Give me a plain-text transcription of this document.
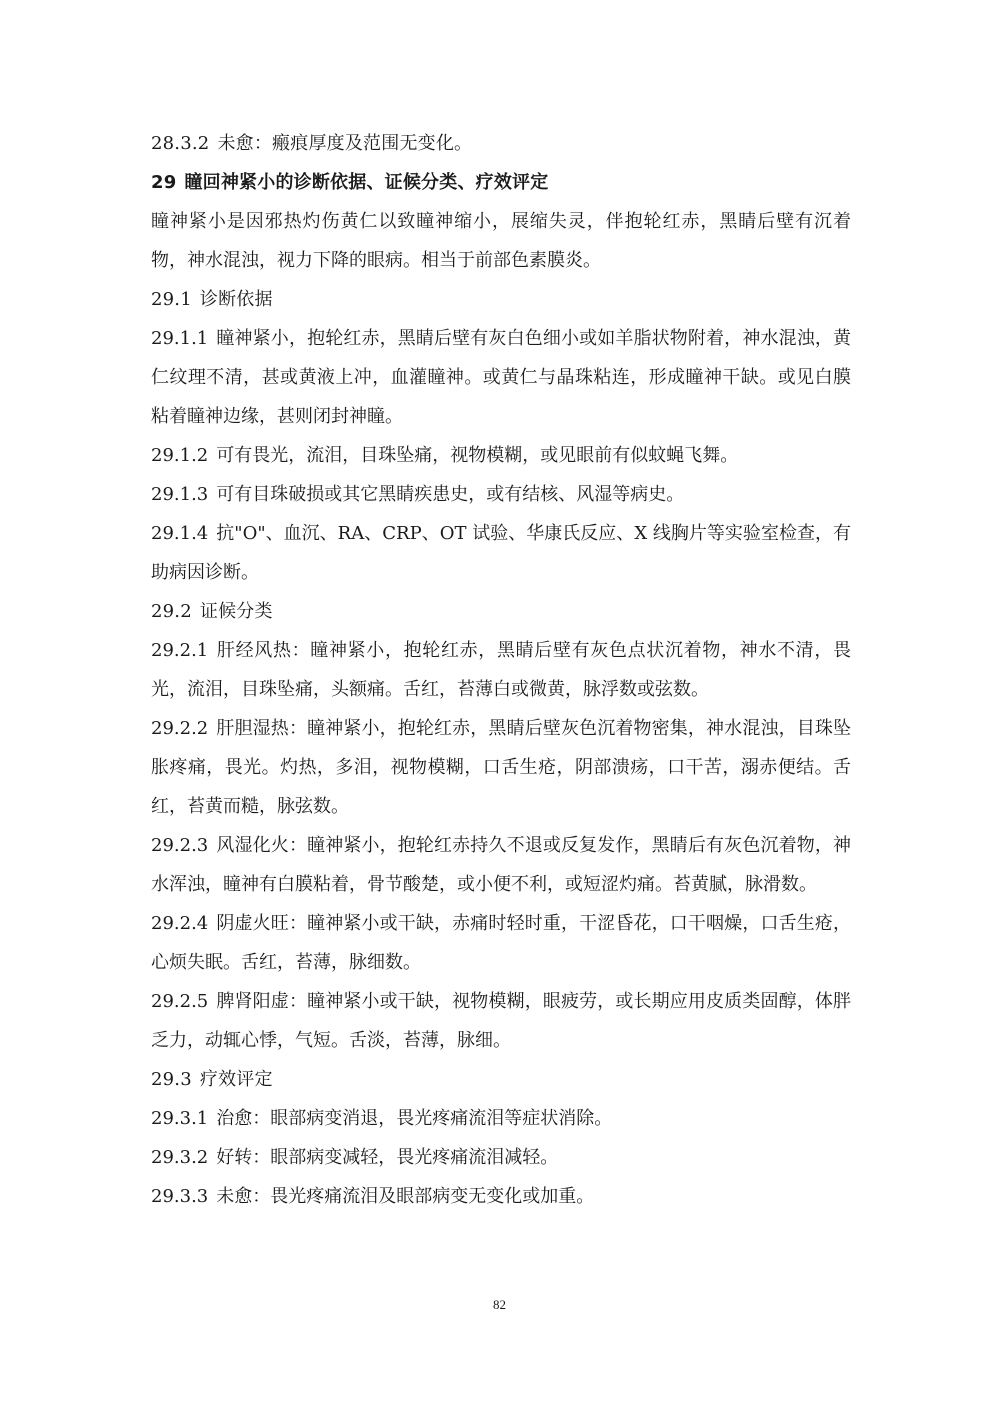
28.3.2 未愈：瘢痕厚度及范围无变化。
29 瞳回神紧小的诊断依据、证候分类、疗效评定
瞳神紧小是因邪热灼伤黄仁以致瞳神缩小，展缩失灵，伴抱轮红赤，黑睛后壁有沉着物，神水混浊，视力下降的眼病。相当于前部色素膜炎。
29.1 诊断依据
29.1.1 瞳神紧小，抱轮红赤，黑睛后壁有灰白色细小或如羊脂状物附着，神水混浊，黄仁纹理不清，甚或黄液上冲，血灌瞳神。或黄仁与晶珠粘连，形成瞳神干缺。或见白膜粘着瞳神边缘，甚则闭封神瞳。
29.1.2 可有畏光，流泪，目珠坠痛，视物模糊，或见眼前有似蚊蝇飞舞。
29.1.3 可有目珠破损或其它黑睛疾患史，或有结核、风湿等病史。
29.1.4 抗"O"、血沉、RA、CRP、OT 试验、华康氏反应、X 线胸片等实验室检查，有助病因诊断。
29.2 证候分类
29.2.1 肝经风热：瞳神紧小，抱轮红赤，黑睛后壁有灰色点状沉着物，神水不清，畏光，流泪，目珠坠痛，头额痛。舌红，苔薄白或微黄，脉浮数或弦数。
29.2.2 肝胆湿热：瞳神紧小，抱轮红赤，黑睛后壁灰色沉着物密集，神水混浊，目珠坠胀疼痛，畏光。灼热，多泪，视物模糊，口舌生疮，阴部溃疡，口干苦，溺赤便结。舌红，苔黄而糙，脉弦数。
29.2.3 风湿化火：瞳神紧小，抱轮红赤持久不退或反复发作，黑睛后有灰色沉着物，神水浑浊，瞳神有白膜粘着，骨节酸楚，或小便不利，或短涩灼痛。苔黄腻，脉滑数。
29.2.4 阴虚火旺：瞳神紧小或干缺，赤痛时轻时重，干涩昏花，口干咽燥，口舌生疮，心烦失眠。舌红，苔薄，脉细数。
29.2.5 脾肾阳虚：瞳神紧小或干缺，视物模糊，眼疲劳，或长期应用皮质类固醇，体胖乏力，动辄心悸，气短。舌淡，苔薄，脉细。
29.3 疗效评定
29.3.1 治愈：眼部病变消退，畏光疼痛流泪等症状消除。
29.3.2 好转：眼部病变减轻，畏光疼痛流泪减轻。
29.3.3 未愈：畏光疼痛流泪及眼部病变无变化或加重。
82
